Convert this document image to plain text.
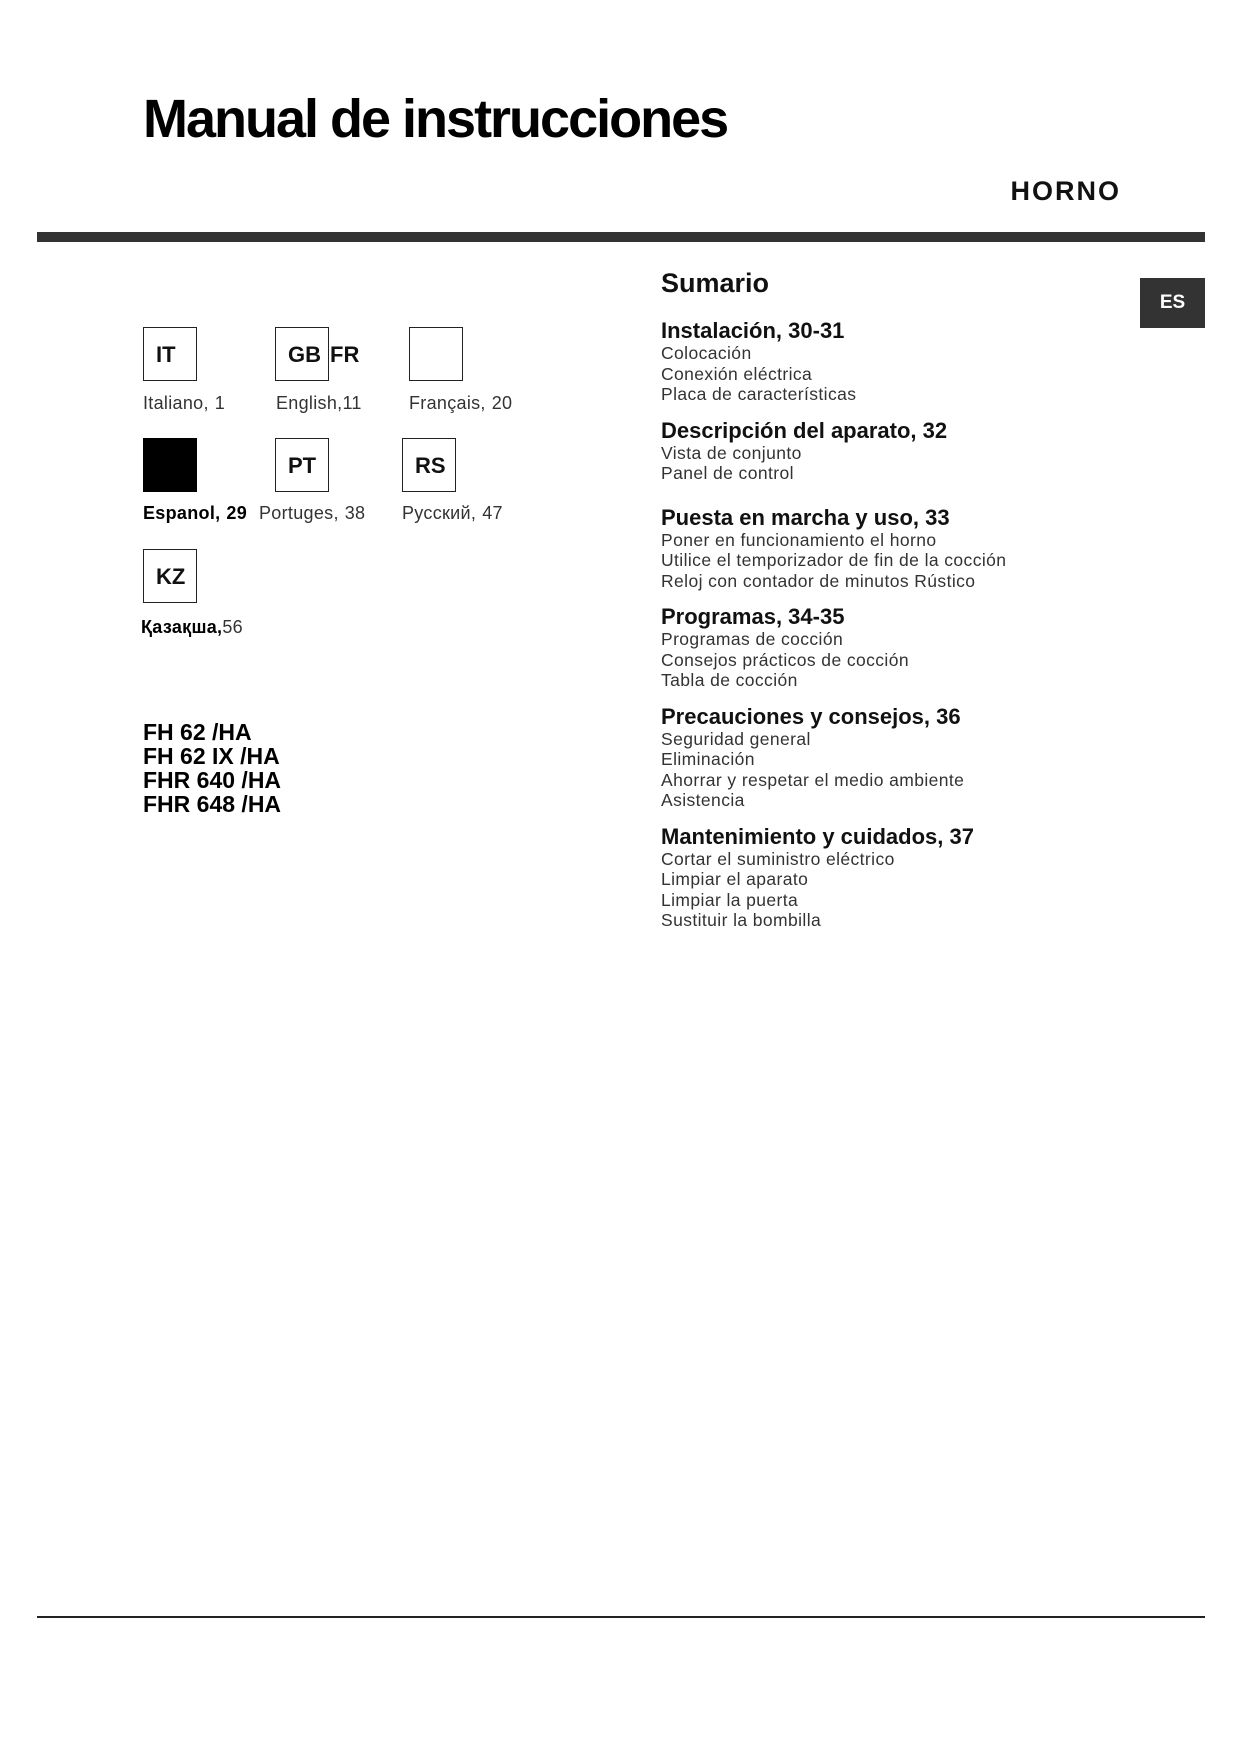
Manual de instrucciones
HORNO
IT
Italiano, 1
GB
English,11
FR
Français, 20
Espanol, 29
PT
Portuges, 38
RS
Русский, 47
KZ
Қазақша,56
FH 62 /HA
FH 62 IX /HA
FHR 640 /HA
FHR 648 /HA
Sumario
Instalación, 30-31
Colocación
Conexión eléctrica
Placa de características
Descripción del aparato, 32
Vista de conjunto
Panel de control
Puesta en marcha y uso, 33
Poner en funcionamiento el horno
Utilice el temporizador de fin de la cocción
Reloj con contador de minutos Rústico
Programas, 34-35
Programas de cocción
Consejos prácticos de cocción
Tabla de cocción
Precauciones y consejos, 36
Seguridad general
Eliminación
Ahorrar y respetar el medio ambiente
Asistencia
Mantenimiento y cuidados, 37
Cortar el suministro eléctrico
Limpiar el aparato
Limpiar la puerta
Sustituir la bombilla
ES
